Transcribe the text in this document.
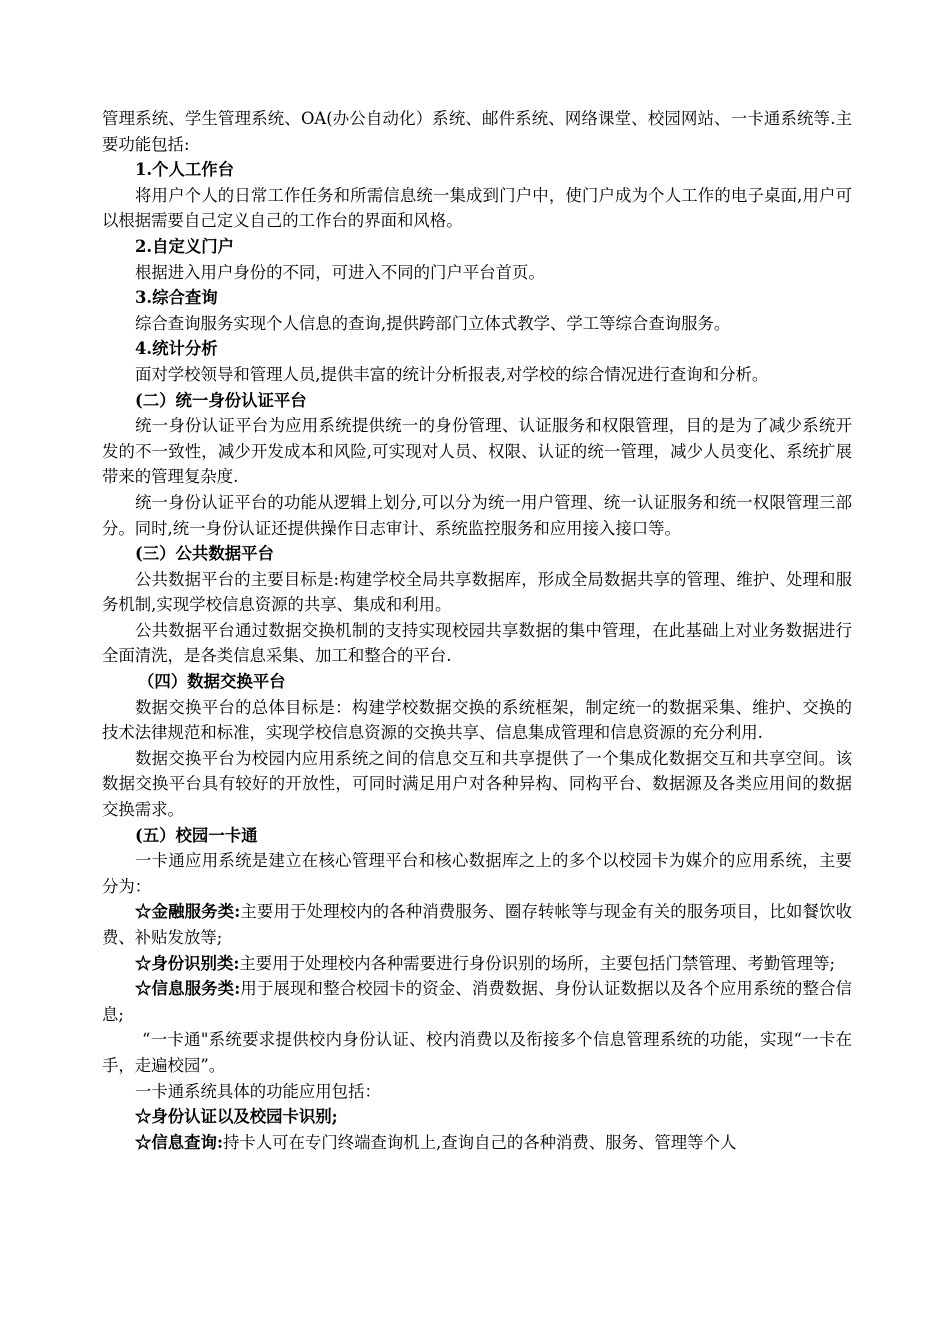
管理系统、学生管理系统、OA(办公自动化）系统、邮件系统、网络课堂、校园网站、一卡通系统等.主要功能包括:

1.个人工作台

将用户个人的日常工作任务和所需信息统一集成到门户中，使门户成为个人工作的电子桌面,用户可以根据需要自己定义自己的工作台的界面和风格。

2.自定义门户

根据进入用户身份的不同，可进入不同的门户平台首页。

3.综合查询

综合查询服务实现个人信息的查询,提供跨部门立体式教学、学工等综合查询服务。

4.统计分析

面对学校领导和管理人员,提供丰富的统计分析报表,对学校的综合情况进行查询和分析。

(二）统一身份认证平台

统一身份认证平台为应用系统提供统一的身份管理、认证服务和权限管理，目的是为了减少系统开发的不一致性，减少开发成本和风险,可实现对人员、权限、认证的统一管理，减少人员变化、系统扩展带来的管理复杂度.

统一身份认证平台的功能从逻辑上划分,可以分为统一用户管理、统一认证服务和统一权限管理三部分。同时,统一身份认证还提供操作日志审计、系统监控服务和应用接入接口等。

(三）公共数据平台

公共数据平台的主要目标是:构建学校全局共享数据库，形成全局数据共享的管理、维护、处理和服务机制,实现学校信息资源的共享、集成和利用。

公共数据平台通过数据交换机制的支持实现校园共享数据的集中管理，在此基础上对业务数据进行全面清洗，是各类信息采集、加工和整合的平台.

（四）数据交换平台

数据交换平台的总体目标是：构建学校数据交换的系统框架，制定统一的数据采集、维护、交换的技术法律规范和标准，实现学校信息资源的交换共享、信息集成管理和信息资源的充分利用.

数据交换平台为校园内应用系统之间的信息交互和共享提供了一个集成化数据交互和共享空间。该数据交换平台具有较好的开放性，可同时满足用户对各种异构、同构平台、数据源及各类应用间的数据交换需求。

(五）校园一卡通

一卡通应用系统是建立在核心管理平台和核心数据库之上的多个以校园卡为媒介的应用系统，主要分为：

☆金融服务类:主要用于处理校内的各种消费服务、圈存转帐等与现金有关的服务项目，比如餐饮收费、补贴发放等;

☆身份识别类:主要用于处理校内各种需要进行身份识别的场所，主要包括门禁管理、考勤管理等;

☆信息服务类:用于展现和整合校园卡的资金、消费数据、身份认证数据以及各个应用系统的整合信息;

“一卡通"系统要求提供校内身份认证、校内消费以及衔接多个信息管理系统的功能，实现“一卡在手，走遍校园”。

一卡通系统具体的功能应用包括：

☆身份认证以及校园卡识别;

☆信息查询:持卡人可在专门终端查询机上,查询自己的各种消费、服务、管理等个人
